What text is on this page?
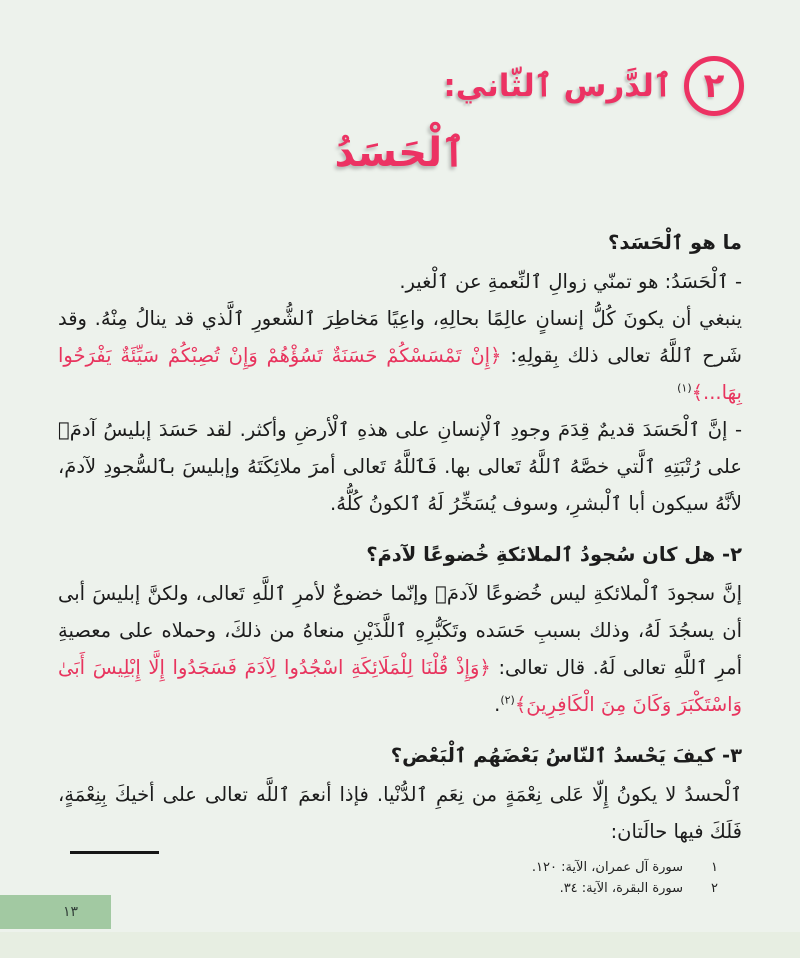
٢
ٱلدَّرس ٱلثّاني:
ٱلْحَسَدُ

ما هو ٱلْحَسَد؟

- ٱلْحَسَدُ: هو تمنّي زوالِ ٱلنِّعمةِ عن ٱلْغير.

ينبغي أن يكونَ كُلُّ إنسانٍ عالِمًا بحالِهِ، واعِيًا مَخاطِرَ ٱلشُّعورِ ٱلَّذي قد ينالُ مِنْهُ. وقد شَرح ٱللَّهُ تعالى ذلك بِقولِهِ: ﴿إِنْ تَمْسَسْكُمْ حَسَنَةٌ تَسُؤْهُمْ وَإِنْ تُصِبْكُمْ سَيِّئَةٌ يَفْرَحُوا بِهَا...﴾$^{(١)}$

- إنَّ ٱلْحَسَدَ قديمٌ قِدَمَ وجودِ ٱلْإنسانِ على هذهِ ٱلْأرضِ وأكثر. لقد حَسَدَ إبليسُ آدمَؑ على رُتْبَتِهِ ٱلَّتي خصَّهُ ٱللَّهُ تَعالى بها. فَٱللَّهُ تَعالى أمرَ ملائِكَتَهُ وإبليسَ بٱلسُّجودِ لآدمَ، لأنَّهُ سيكون أبا ٱلْبشرِ، وسوف يُسَخِّرُ لَهُ ٱلكونُ كُلُّهُ.

٢- هل كان سُجودُ ٱلملائكةِ خُضوعًا لآدمَ؟

إنَّ سجودَ ٱلْملائكةِ ليس خُضوعًا لآدمَؑ وإنّما خضوعٌ لأمرِ ٱللَّهِ تَعالى، ولكنَّ إبليسَ أبى أن يسجُدَ لَهُ، وذلك بسببِ حَسَده وتَكَبُّرِهِ ٱللَّذَيْنِ منعاهُ من ذلكَ، وحملاه على معصيةِ أمرِ ٱللَّهِ تعالى لَهُ. قال تعالى: ﴿وَإِذْ قُلْنَا لِلْمَلَائِكَةِ اسْجُدُوا لِآدَمَ فَسَجَدُوا إِلَّا إِبْلِيسَ أَبَىٰ وَاسْتَكْبَرَ وَكَانَ مِنَ الْكَافِرِينَ﴾$^{(٢)}$.

٣- كيفَ يَحْسدُ ٱلنّاسُ بَعْضَهُم ٱلْبَعْض؟

ٱلْحسدُ لا يكونُ إِلّا عَلى نِعْمَةٍ من نِعَمِ ٱلدُّنْيا. فإذا أنعمَ ٱللَّه تعالى على أخيكَ بِنِعْمَةٍ، فَلَكَ فيها حالَتان:

١
سورة آل عمران، الآية: ١٢٠.
٢
سورة البقرة، الآية: ٣٤.
١٣
